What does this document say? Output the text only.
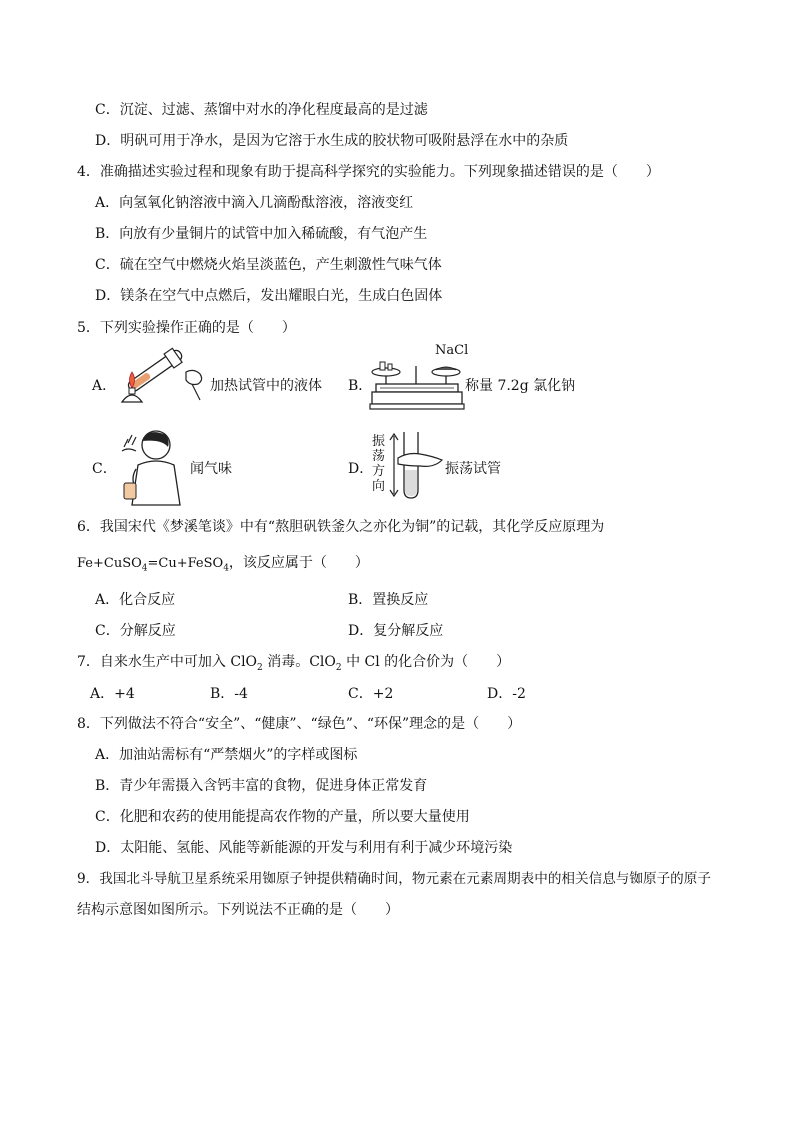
C．沉淀、过滤、蒸馏中对水的净化程度最高的是过滤
D．明矾可用于净水，是因为它溶于水生成的胶状物可吸附悬浮在水中的杂质
4．准确描述实验过程和现象有助于提高科学探究的实验能力。下列现象描述错误的是（　　）
A．向氢氧化钠溶液中滴入几滴酚酞溶液，溶液变红
B．向放有少量铜片的试管中加入稀硫酸，有气泡产生
C．硫在空气中燃烧火焰呈淡蓝色，产生刺激性气味气体
D．镁条在空气中点燃后，发出耀眼白光，生成白色固体
5．下列实验操作正确的是（　　）
A．	加热试管中的液体 B．
NaCl
称量 7.2g 氯化钠
C．	闻气味	D．
振
荡
方
向
振荡试管
6．我国宋代《梦溪笔谈》中有“熬胆矾铁釜久之亦化为铜”的记载，其化学反应原理为
Fe+CuSO$_4$=Cu+FeSO$_4$，该反应属于（　　）
A．化合反应	B．置换反应
C．分解反应	D．复分解反应
7．自来水生产中可加入 ClO$_2$ 消毒。ClO$_2$ 中 Cl 的化合价为（　　）
A．+4	B．-4	C．+2	D．-2
8．下列做法不符合“安全”、“健康”、“绿色”、“环保”理念的是（　　）
A．加油站需标有“严禁烟火”的字样或图标
B．青少年需摄入含钙丰富的食物，促进身体正常发育
C．化肥和农药的使用能提高农作物的产量，所以要大量使用
D．太阳能、氢能、风能等新能源的开发与利用有利于减少环境污染
9．我国北斗导航卫星系统采用铷原子钟提供精确时间，物元素在元素周期表中的相关信息与铷原子的原子
结构示意图如图所示。下列说法不正确的是（　　）
